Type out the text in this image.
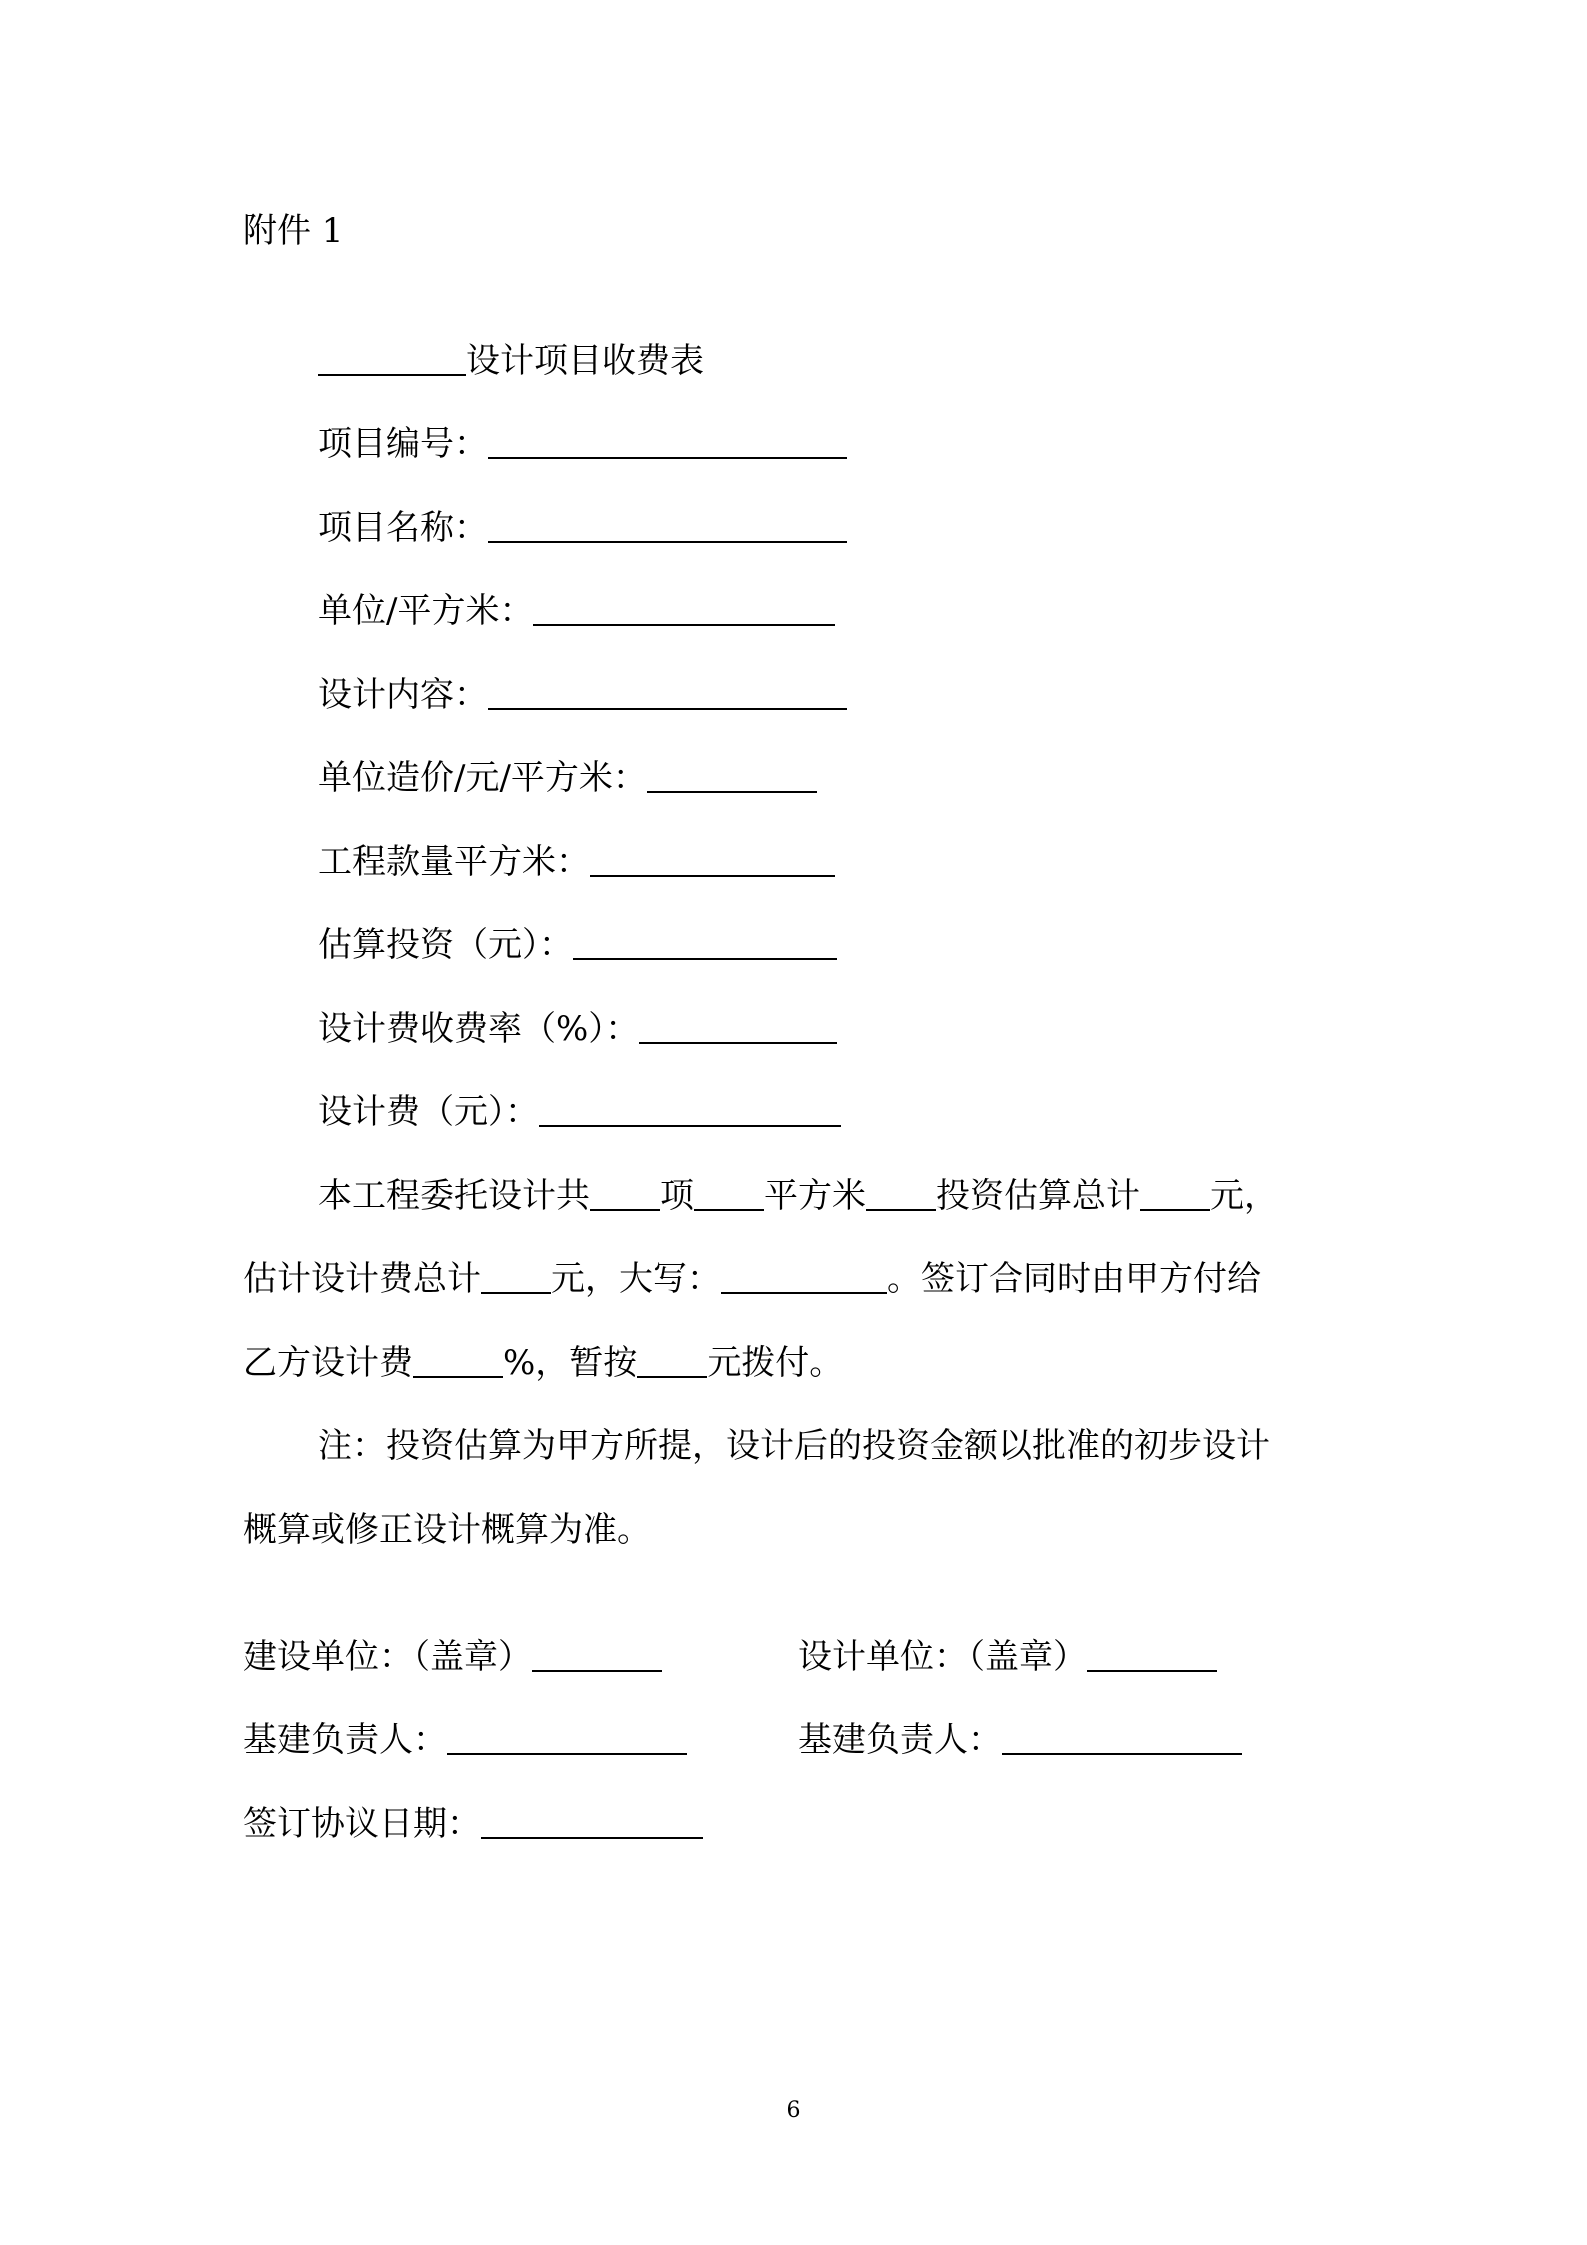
附件 1
设计项目收费表
项目编号：
项目名称：
单位/平方米：
设计内容：
单位造价/元/平方米：
工程款量平方米：
估算投资（元）：
设计费收费率（%）：
设计费（元）：
本工程委托设计共 项 平方米 投资估算总计 元，
估计设计费总计 元，大写：	。签订合同时由甲方付给
乙方设计费	%，暂按 元拨付。
注：投资估算为甲方所提，设计后的投资金额以批准的初步设计
概算或修正设计概算为准。
建设单位：（盖章）	设计单位：（盖章）
基建负责人：	基建负责人：
签订协议日期：
6
